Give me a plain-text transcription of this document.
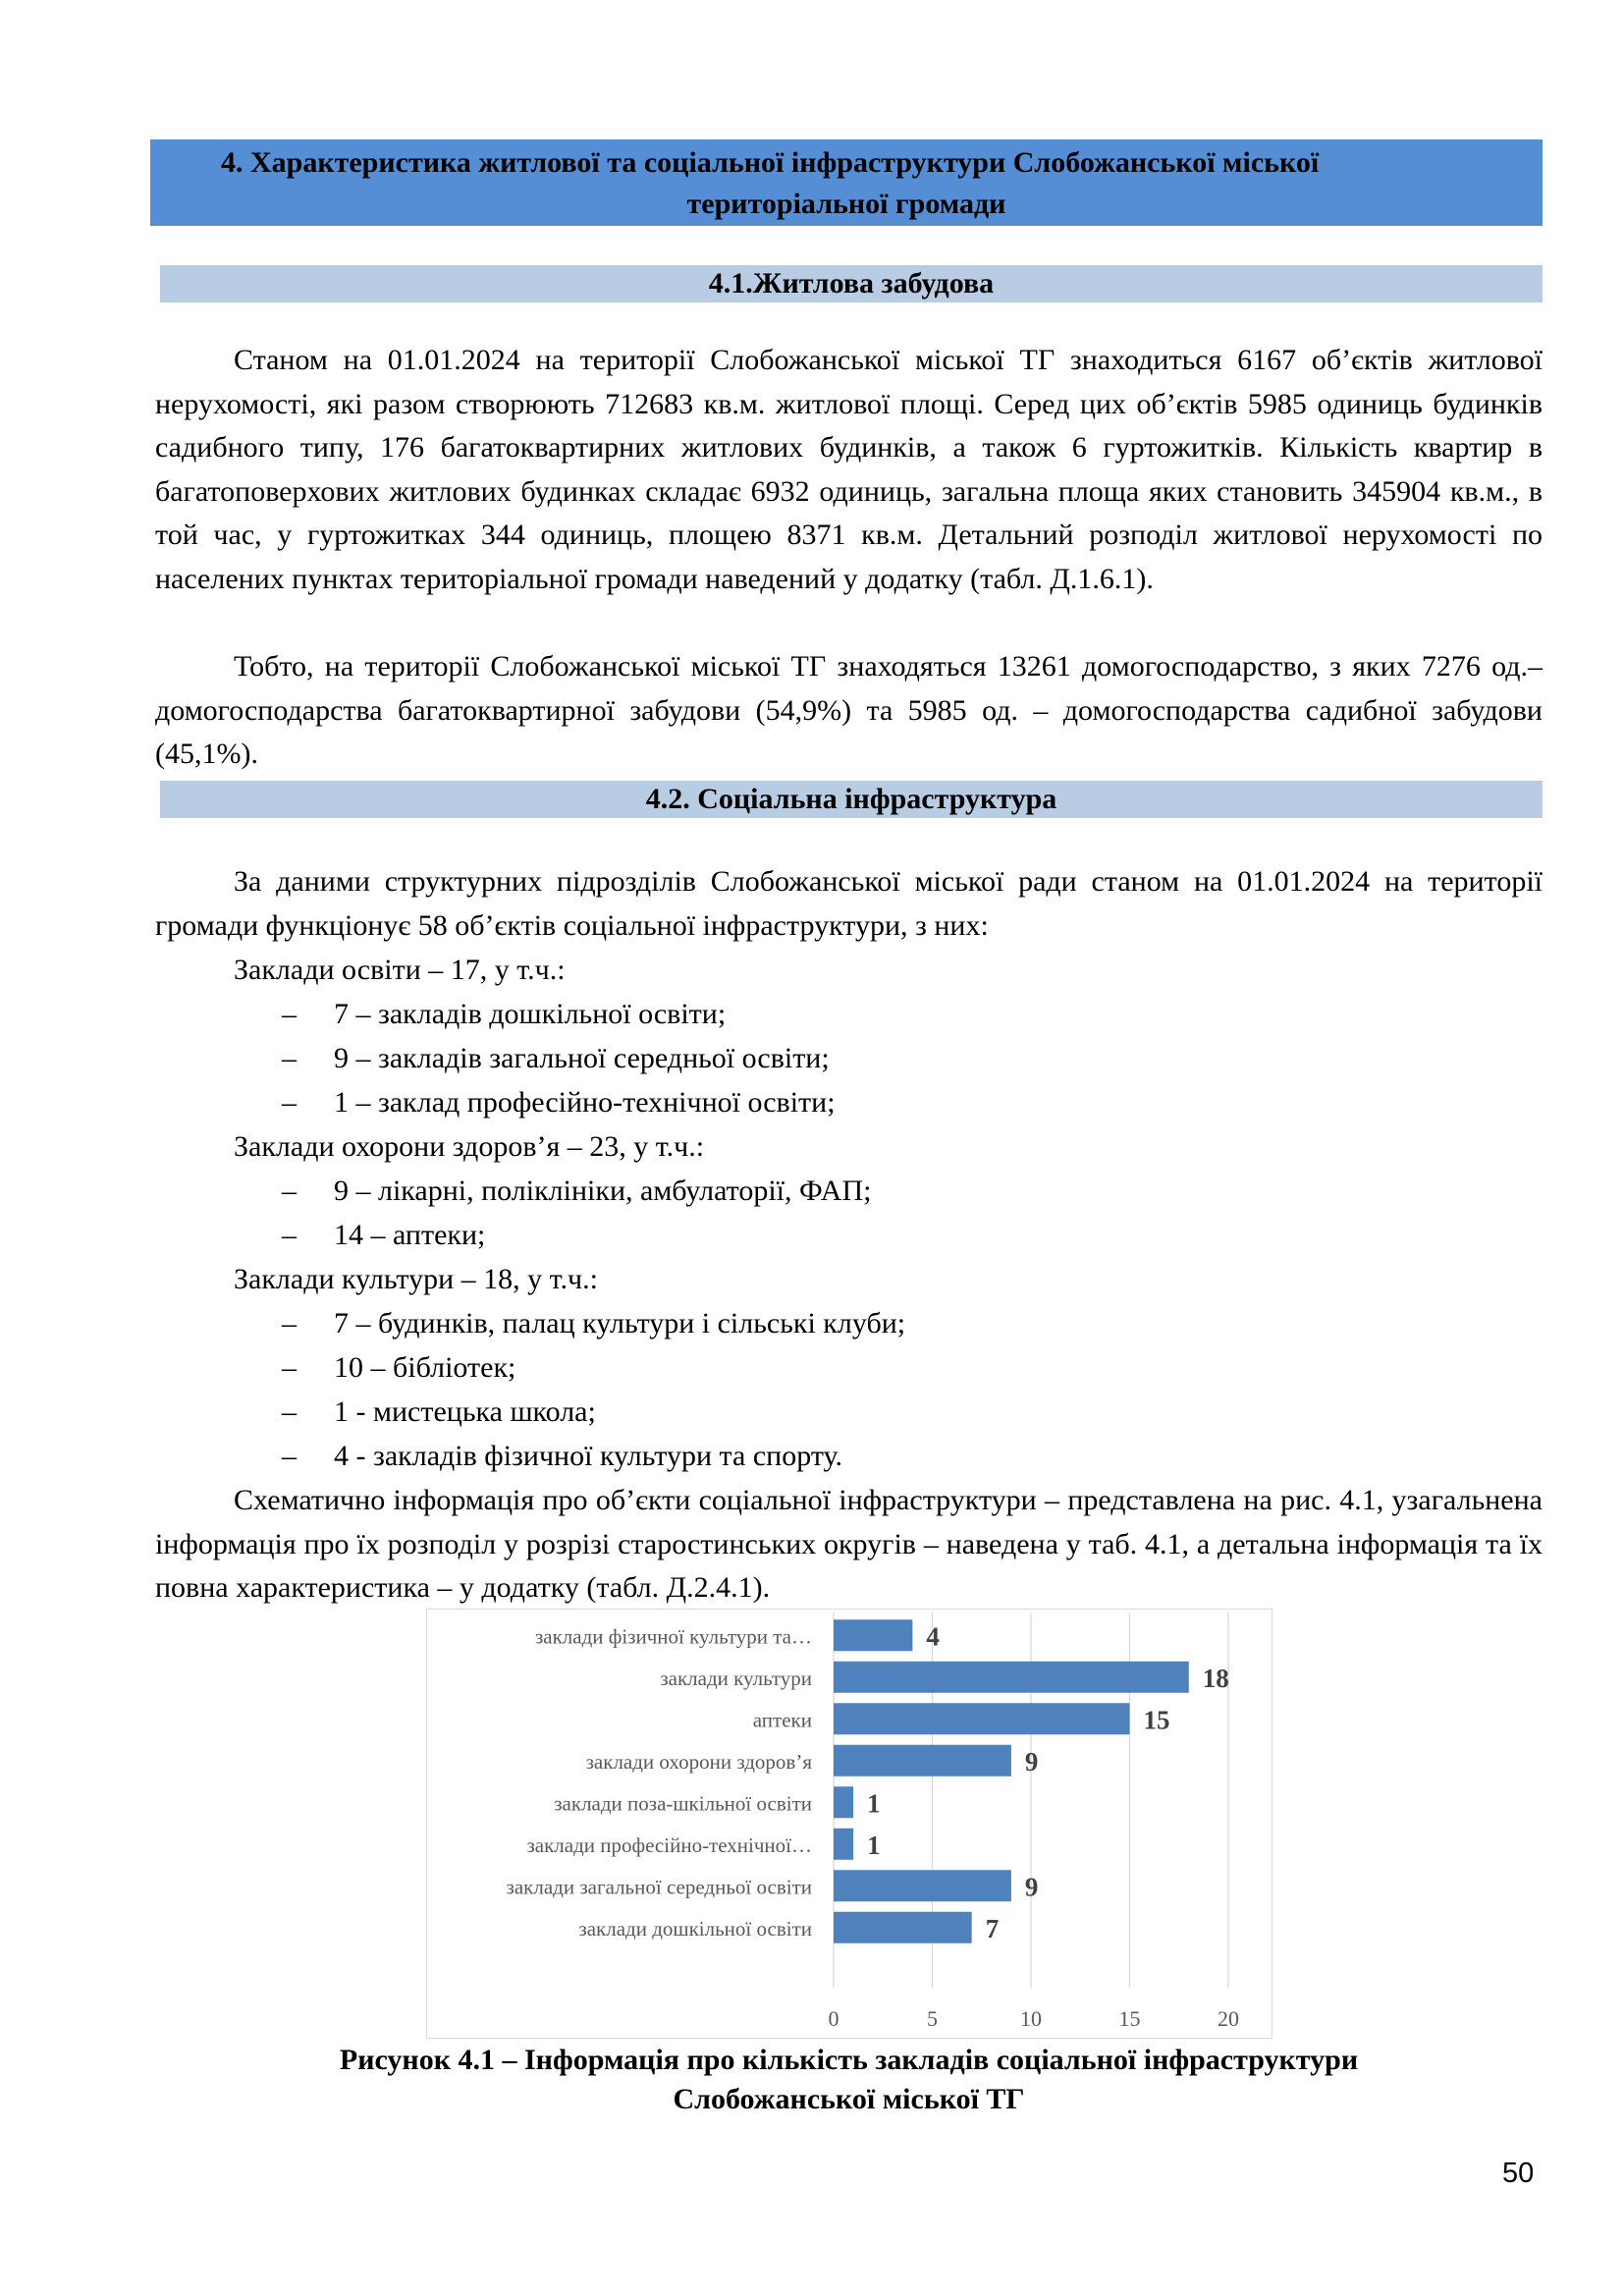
4. Характеристика житлової та соціальної інфраструктури Слобожанської міської
територіальної громади
4.1.Житлова забудова
Станом на 01.01.2024 на території Слобожанської міської ТГ знаходиться 6167 об’єктів житлової нерухомості, які разом створюють 712683 кв.м. житлової площі. Серед цих об’єктів 5985 одиниць будинків садибного типу, 176 багатоквартирних житлових будинків, а також 6 гуртожитків. Кількість квартир в багатоповерхових житлових будинках складає 6932 одиниць, загальна площа яких становить 345904 кв.м., в той час, у гуртожитках 344 одиниць, площею 8371 кв.м. Детальний розподіл житлової нерухомості по населених пунктах територіальної громади наведений у додатку (табл. Д.1.6.1).
Тобто, на території Слобожанської міської ТГ знаходяться 13261 домогосподарство, з яких 7276 од.– домогосподарства багатоквартирної забудови (54,9%) та 5985 од. – домогосподарства садибної забудови (45,1%).
4.2. Соціальна інфраструктура
За даними структурних підрозділів Слобожанської міської ради станом на 01.01.2024 на території громади функціонує 58 об’єктів соціальної інфраструктури, з них:
Заклади освіти – 17, у т.ч.:
– 7 – закладів дошкільної освіти;
– 9 – закладів загальної середньої освіти;
– 1 – заклад професійно-технічної освіти;
Заклади охорони здоров’я – 23, у т.ч.:
– 9 – лікарні, поліклініки, амбулаторії, ФАП;
– 14 – аптеки;
Заклади культури – 18, у т.ч.:
– 7 – будинків, палац культури і сільські клуби;
– 10 – бібліотек;
– 1 - мистецька школа;
– 4 - закладів фізичної культури та спорту.
Схематично інформація про об’єкти соціальної інфраструктури – представлена на рис. 4.1, узагальнена інформація про їх розподіл у розрізі старостинських округів – наведена у таб. 4.1, а детальна інформація та їх повна характеристика – у додатку (табл. Д.2.4.1).
4
заклади фізичної культури та…
18
заклади культури
15
аптеки
9
заклади охорони здоров’я
1
заклади поза-шкільної освіти
1
заклади професійно-технічної…
9
заклади загальної середньої освіти
7
заклади дошкільної освіти
0	5	10	15	20
Рисунок 4.1 – Інформація про кількість закладів соціальної інфраструктури
Слобожанської міської ТГ
50
